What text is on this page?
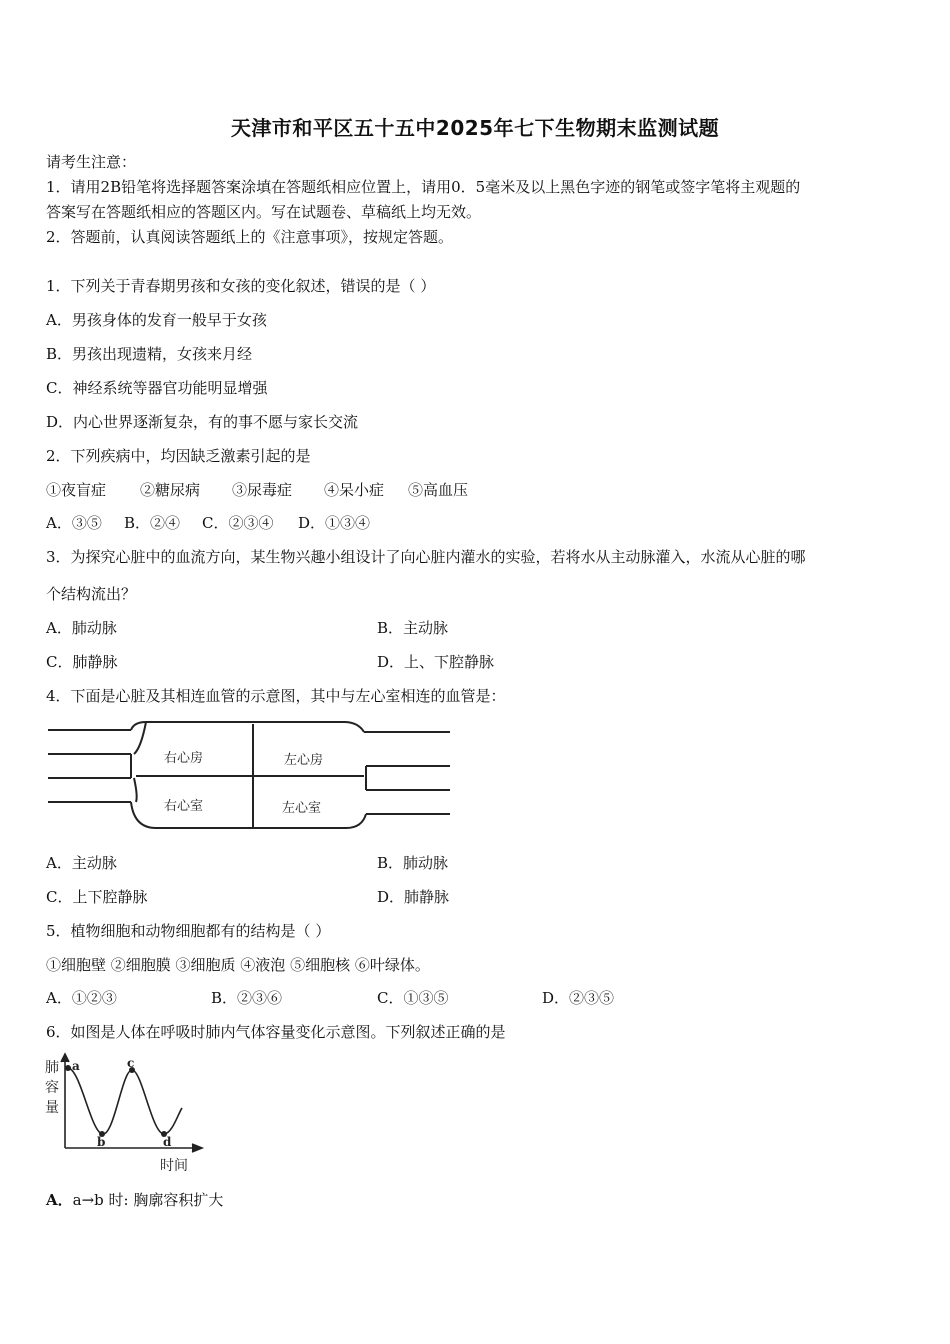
天津市和平区五十五中2025年七下生物期末监测试题
请考生注意：
1．请用2B铅笔将选择题答案涂填在答题纸相应位置上，请用0．5毫米及以上黑色字迹的钢笔或签字笔将主观题的
答案写在答题纸相应的答题区内。写在试题卷、草稿纸上均无效。
2．答题前，认真阅读答题纸上的《注意事项》，按规定答题。
1．下列关于青春期男孩和女孩的变化叙述，错误的是（ ）
A．男孩身体的发育一般早于女孩
B．男孩出现遗精，女孩来月经
C．神经系统等器官功能明显增强
D．内心世界逐渐复杂，有的事不愿与家长交流
2．下列疾病中，均因缺乏激素引起的是
①夜盲症 ②糖尿病 ③尿毒症 ④呆小症 ⑤高血压
A．③⑤ B．②④ C．②③④ D．①③④
3．为探究心脏中的血流方向，某生物兴趣小组设计了向心脏内灌水的实验，若将水从主动脉灌入，水流从心脏的哪
个结构流出？
A．肺动脉	B．主动脉
C．肺静脉	D．上、下腔静脉
4．下面是心脏及其相连血管的示意图，其中与左心室相连的血管是：
右心房	左心房
右心室	左心室
A．主动脉	B．肺动脉
C．上下腔静脉	D．肺静脉
5．植物细胞和动物细胞都有的结构是（ ）
①细胞壁 ②细胞膜 ③细胞质 ④液泡 ⑤细胞核 ⑥叶绿体。
A．①②③	B．②③⑥	C．①③⑤	D．②③⑤
6．如图是人体在呼吸时肺内气体容量变化示意图。下列叙述正确的是
a
b
c
d
肺
容
量
时间
A．a→b 时: 胸廓容积扩大
